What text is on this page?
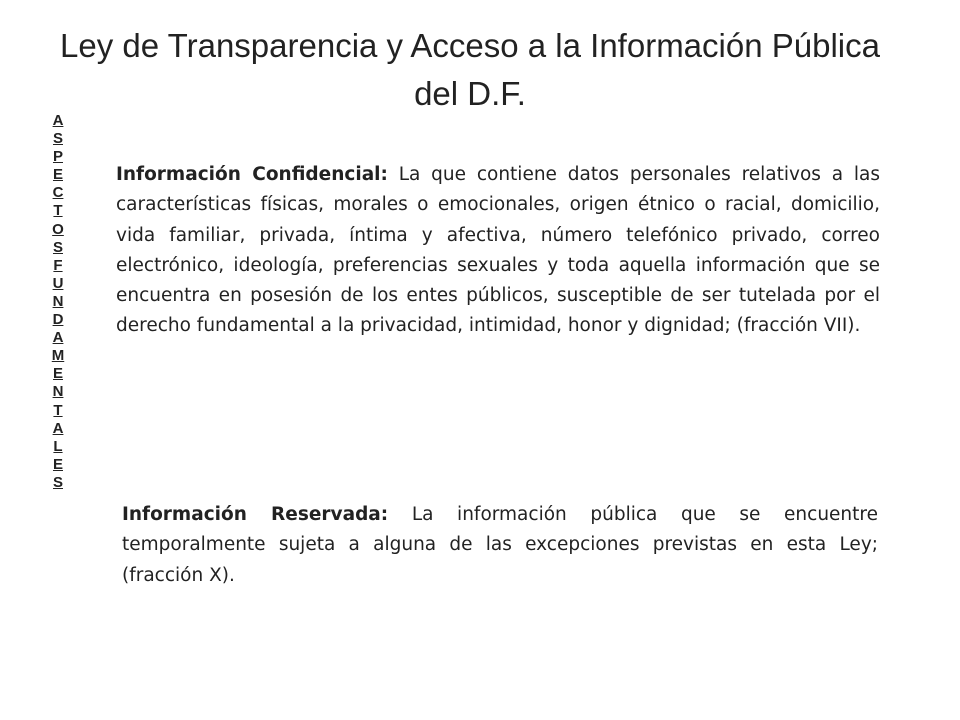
Ley de Transparencia y Acceso a la Información Pública del D.F.
A
S
P
E
C
T
O
S
F
U
N
D
A
M
E
N
T
A
L
E
S
Información Confidencial: La que contiene datos personales relativos a las características físicas, morales o emocionales, origen étnico o racial, domicilio, vida familiar, privada, íntima y afectiva, número telefónico privado, correo electrónico, ideología, preferencias sexuales y toda aquella información que se encuentra en posesión de los entes públicos, susceptible de ser tutelada por el derecho fundamental a la privacidad, intimidad, honor y dignidad; (fracción VII).
Información Reservada: La información pública que se encuentre temporalmente sujeta a alguna de las excepciones previstas en esta Ley;(fracción X).
